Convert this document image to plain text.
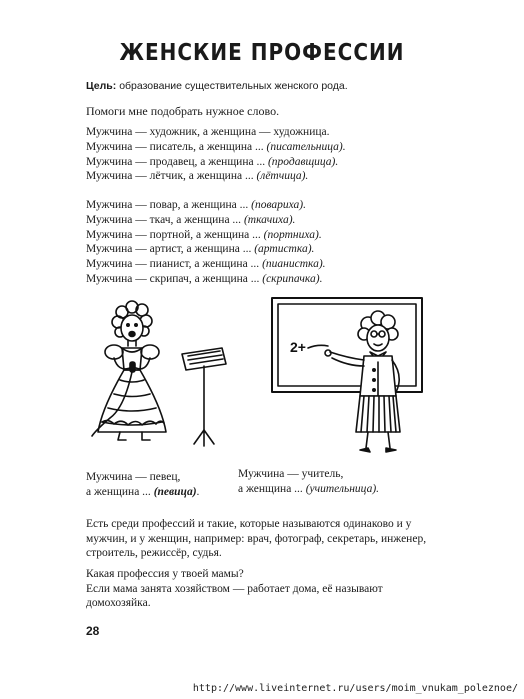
ЖЕНСКИЕ ПРОФЕССИИ
Цель: образование существительных женского рода.
Помоги мне подобрать нужное слово.
Мужчина — художник, а женщина — художница.
Мужчина — писатель, а женщина ... (писательница).
Мужчина — продавец, а женщина ... (продавщица).
Мужчина — лётчик, а женщина ... (лётчица).
Мужчина — повар, а женщина ... (повариха).
Мужчина — ткач, а женщина ... (ткачиха).
Мужчина — портной, а женщина ... (портниха).
Мужчина — артист, а женщина ... (артистка).
Мужчина — пианист, а женщина ... (пианистка).
Мужчина — скрипач, а женщина ... (скрипачка).
2+
Мужчина — певец,
а женщина ... (певица).
Мужчина — учитель,
а женщина ... (учительница).
Есть среди профессий и такие, которые называются одинаково и у мужчин, и у женщин, например: врач, фотограф, секретарь, инженер, строитель, режиссёр, судья.
Какая профессия у твоей мамы?
Если мама занята хозяйством — работает дома, её называют домохозяйка.
28
http://www.liveinternet.ru/users/moim_vnukam_poleznoe/
